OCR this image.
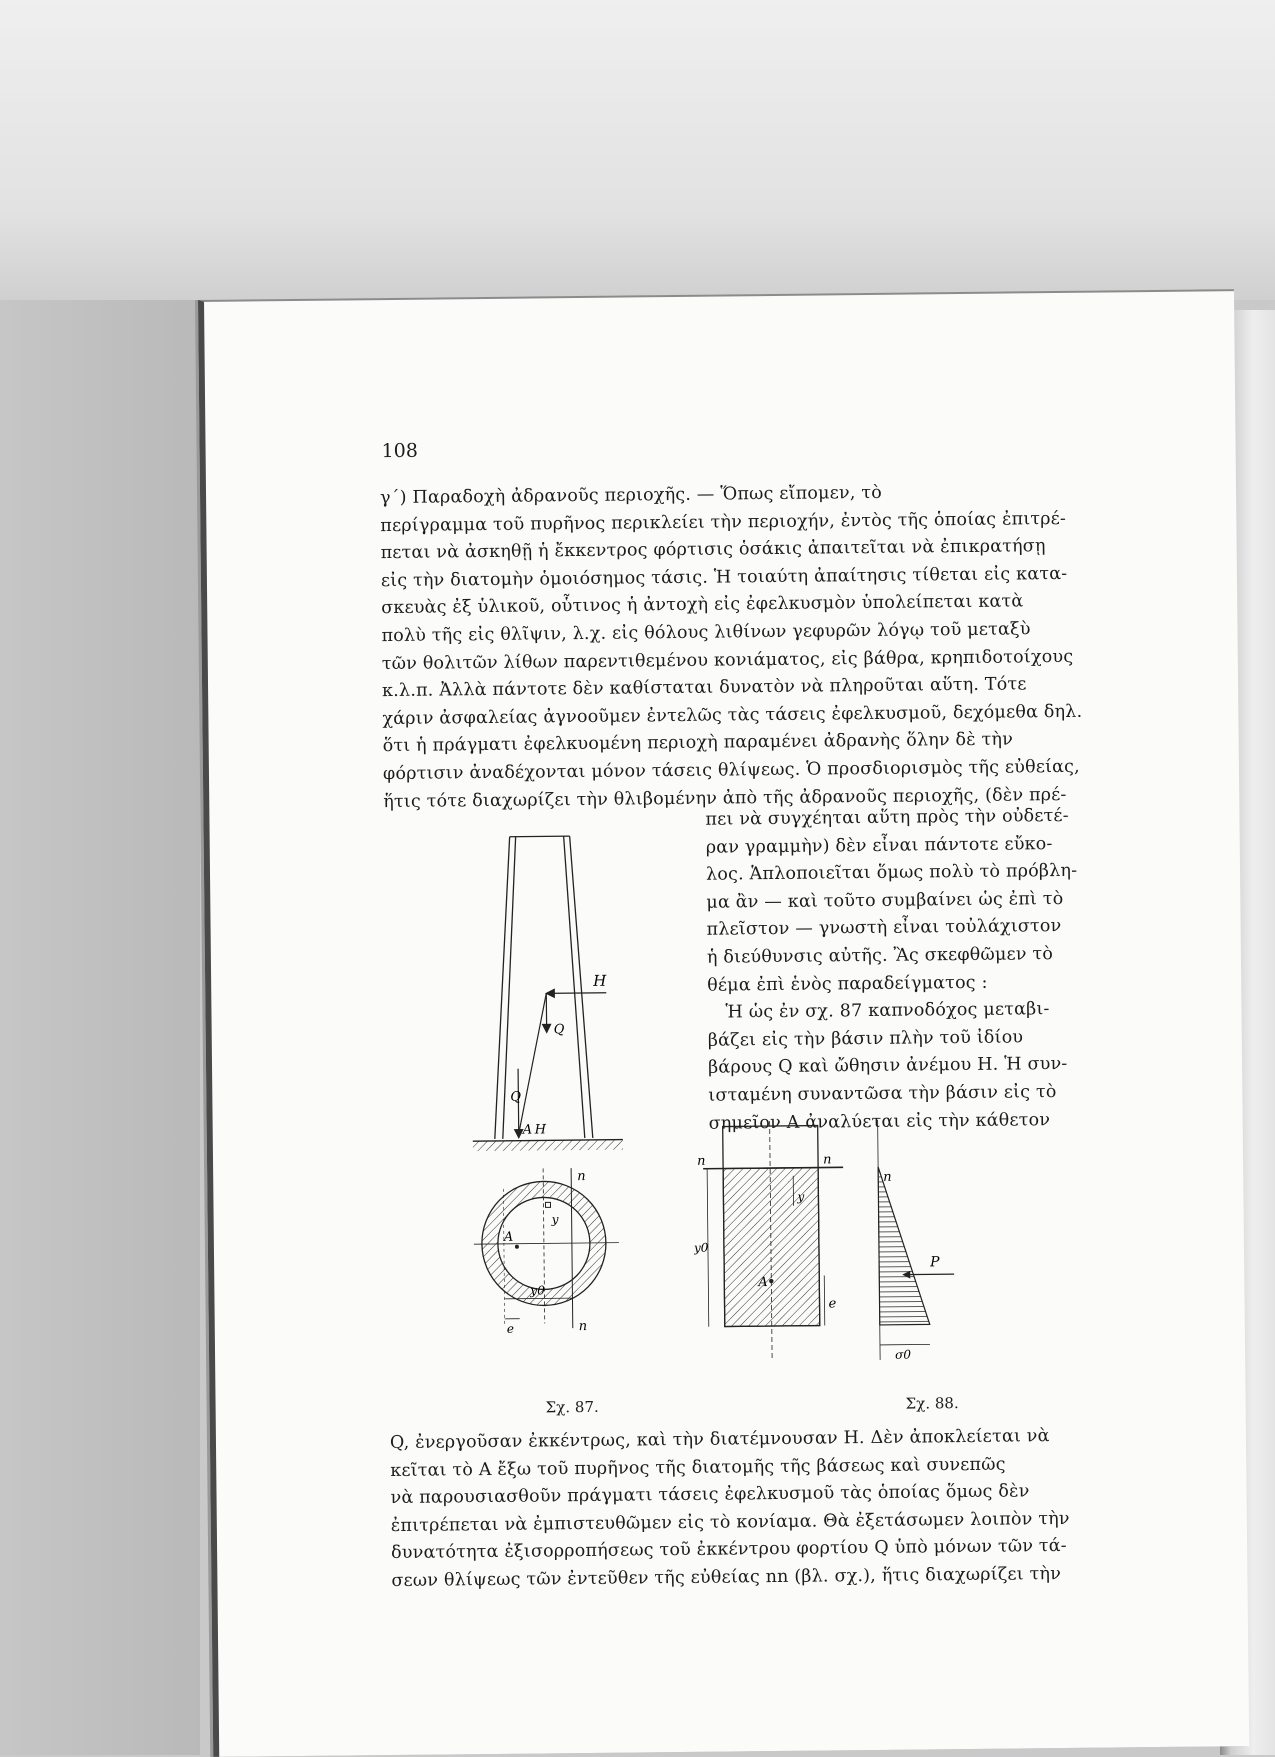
108
γ΄) Παραδοχὴ ἀδρανοῦς περιοχῆς. — Ὅπως εἴπομεν, τὸ
περίγραμμα τοῦ πυρῆνος περικλείει τὴν περιοχήν, ἐντὸς τῆς ὁποίας ἐπιτρέ-
πεται νὰ ἀσκηθῇ ἡ ἔκκεντρος φόρτισις ὁσάκις ἀπαιτεῖται νὰ ἐπικρατήσῃ
εἰς τὴν διατομὴν ὁμοιόσημος τάσις. Ἡ τοιαύτη ἀπαίτησις τίθεται εἰς κατα-
σκευὰς ἐξ ὑλικοῦ, οὗτινος ἡ ἀντοχὴ εἰς ἐφελκυσμὸν ὑπολείπεται κατὰ
πολὺ τῆς εἰς θλῖψιν, λ.χ. εἰς θόλους λιθίνων γεφυρῶν λόγῳ τοῦ μεταξὺ
τῶν θολιτῶν λίθων παρεντιθεμένου κονιάματος, εἰς βάθρα, κρηπιδοτοίχους
κ.λ.π. Ἀλλὰ πάντοτε δὲν καθίσταται δυνατὸν νὰ πληροῦται αὕτη. Τότε
χάριν ἀσφαλείας ἀγνοοῦμεν ἐντελῶς τὰς τάσεις ἐφελκυσμοῦ, δεχόμεθα δηλ.
ὅτι ἡ πράγματι ἐφελκυομένη περιοχὴ παραμένει ἀδρανὴς ὅλην δὲ τὴν
φόρτισιν ἀναδέχονται μόνον τάσεις θλίψεως. Ὁ προσδιορισμὸς τῆς εὐθείας,
ἥτις τότε διαχωρίζει τὴν θλιβομένην ἀπὸ τῆς ἀδρανοῦς περιοχῆς, (δὲν πρέ-
πει νὰ συγχέηται αὕτη πρὸς τὴν οὐδετέ-
ραν γραμμὴν) δὲν εἶναι πάντοτε εὔκο-
λος. Ἁπλοποιεῖται ὅμως πολὺ τὸ πρόβλη-
μα ἂν — καὶ τοῦτο συμβαίνει ὡς ἐπὶ τὸ
πλεῖστον — γνωστὴ εἶναι τοὐλάχιστον
ἡ διεύθυνσις αὐτῆς. Ἂς σκεφθῶμεν τὸ
θέμα ἐπὶ ἑνὸς παραδείγματος :
Ἡ ὡς ἐν σχ. 87 καπνοδόχος μεταβι-
βάζει εἰς τὴν βάσιν πλὴν τοῦ ἰδίου
βάρους Q καὶ ὤθησιν ἀνέμου H. Ἡ συν-
ισταμένη συναντῶσα τὴν βάσιν εἰς τὸ
σημεῖον Α ἀναλύεται εἰς τὴν κάθετον
H
Q
Q
A H
n
n
y
A
y0
e
n	n
n
y0
y
A
e
P
σ0
Σχ. 87.	Σχ. 88.
Q, ἐνεργοῦσαν ἐκκέντρως, καὶ τὴν διατέμνουσαν H. Δὲν ἀποκλείεται νὰ
κεῖται τὸ Α ἔξω τοῦ πυρῆνος τῆς διατομῆς τῆς βάσεως καὶ συνεπῶς
νὰ παρουσιασθοῦν πράγματι τάσεις ἐφελκυσμοῦ τὰς ὁποίας ὅμως δὲν
ἐπιτρέπεται νὰ ἐμπιστευθῶμεν εἰς τὸ κονίαμα. Θὰ ἐξετάσωμεν λοιπὸν τὴν
δυνατότητα ἐξισορροπήσεως τοῦ ἐκκέντρου φορτίου Q ὑπὸ μόνων τῶν τά-
σεων θλίψεως τῶν ἐντεῦθεν τῆς εὐθείας nn (βλ. σχ.), ἥτις διαχωρίζει τὴν
